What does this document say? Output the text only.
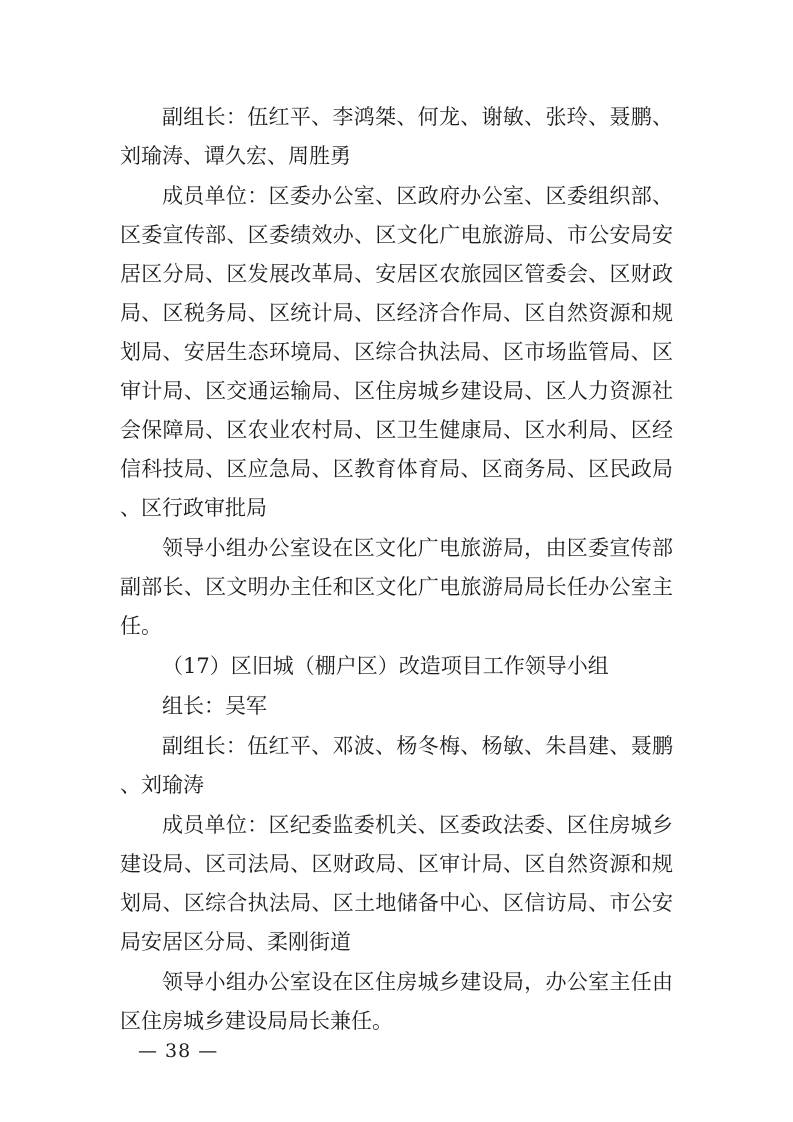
副组长：伍红平、李鸿桀、何龙、谢敏、张玲、聂鹏、刘瑜涛、谭久宏、周胜勇

成员单位：区委办公室、区政府办公室、区委组织部、区委宣传部、区委绩效办、区文化广电旅游局、市公安局安居区分局、区发展改革局、安居区农旅园区管委会、区财政局、区税务局、区统计局、区经济合作局、区自然资源和规划局、安居生态环境局、区综合执法局、区市场监管局、区审计局、区交通运输局、区住房城乡建设局、区人力资源社会保障局、区农业农村局、区卫生健康局、区水利局、区经信科技局、区应急局、区教育体育局、区商务局、区民政局、区行政审批局

领导小组办公室设在区文化广电旅游局，由区委宣传部副部长、区文明办主任和区文化广电旅游局局长任办公室主任。

（17）区旧城（棚户区）改造项目工作领导小组

组长：吴军

副组长：伍红平、邓波、杨冬梅、杨敏、朱昌建、聂鹏、刘瑜涛

成员单位：区纪委监委机关、区委政法委、区住房城乡建设局、区司法局、区财政局、区审计局、区自然资源和规划局、区综合执法局、区土地储备中心、区信访局、市公安局安居区分局、柔刚街道

领导小组办公室设在区住房城乡建设局，办公室主任由区住房城乡建设局局长兼任。

— 38 —
